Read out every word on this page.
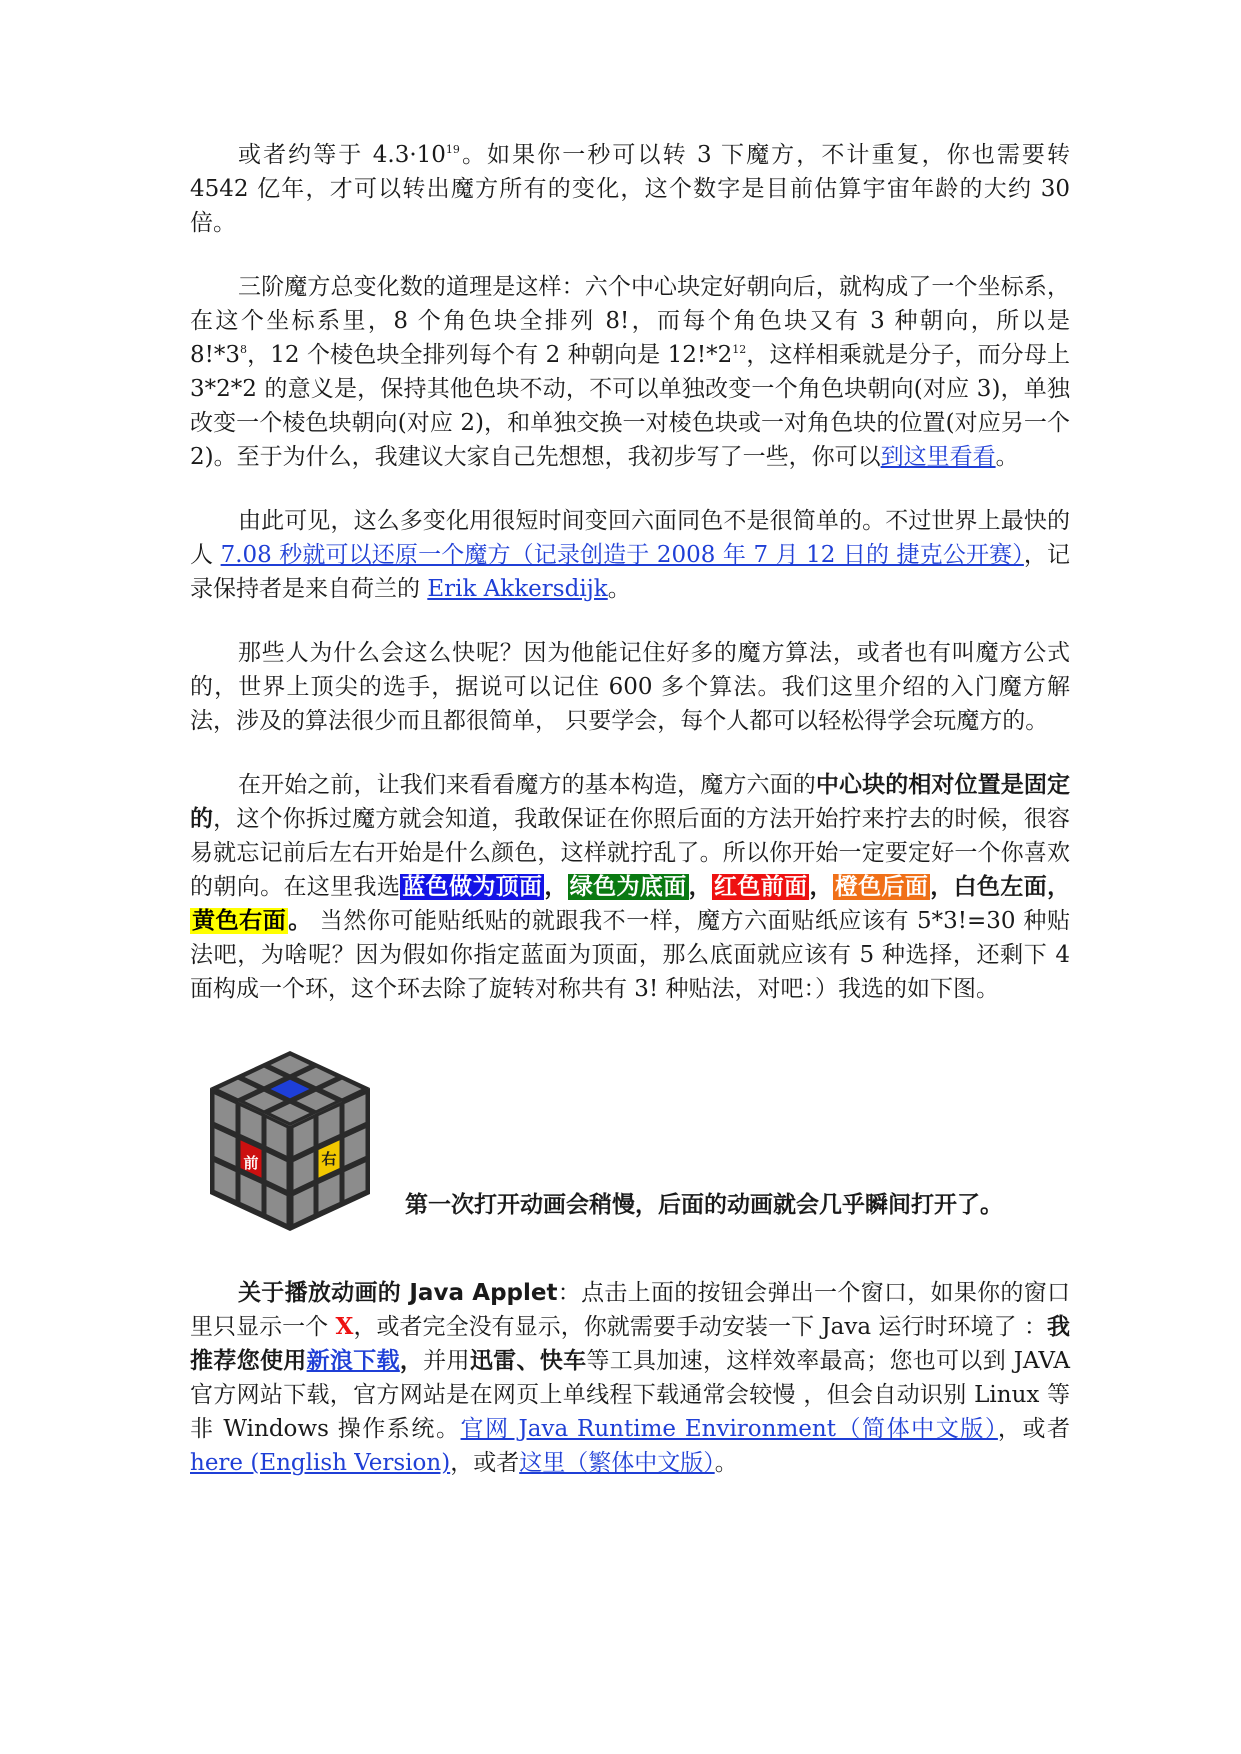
或者约等于 $4.3\cdot 10^{19}$。如果你一秒可以转 3 下魔方，不计重复，你也需要转 4542 亿年，才可以转出魔方所有的变化，这个数字是目前估算宇宙年龄的大约 30 倍。

三阶魔方总变化数的道理是这样：六个中心块定好朝向后，就构成了一个坐标系，在这个坐标系里，8 个角色块全排列 8!，而每个角色块又有 3 种朝向，所以是 $8!*3^8$，12 个棱色块全排列每个有 2 种朝向是 $12!*2^{12}$，这样相乘就是分子，而分母上 3*2*2 的意义是，保持其他色块不动，不可以单独改变一个角色块朝向(对应 3)，单独改变一个棱色块朝向(对应 2)，和单独交换一对棱色块或一对角色块的位置(对应另一个 2)。至于为什么，我建议大家自己先想想，我初步写了一些，你可以到这里看看。

由此可见，这么多变化用很短时间变回六面同色不是很简单的。不过世界上最快的人 7.08 秒就可以还原一个魔方（记录创造于 2008 年 7 月 12 日的 捷克公开赛），记录保持者是来自荷兰的 Erik Akkersdijk。

那些人为什么会这么快呢？因为他能记住好多的魔方算法，或者也有叫魔方公式的，世界上顶尖的选手，据说可以记住 600 多个算法。我们这里介绍的入门魔方解法，涉及的算法很少而且都很简单， 只要学会，每个人都可以轻松得学会玩魔方的。

在开始之前，让我们来看看魔方的基本构造，魔方六面的中心块的相对位置是固定的，这个你拆过魔方就会知道，我敢保证在你照后面的方法开始拧来拧去的时候，很容易就忘记前后左右开始是什么颜色，这样就拧乱了。所以你开始一定要定好一个你喜欢的朝向。在这里我选蓝色做为顶面，绿色为底面，红色前面，橙色后面，白色左面，黄色右面。 当然你可能贴纸贴的就跟我不一样，魔方六面贴纸应该有 5*3!=30 种贴法吧，为啥呢？因为假如你指定蓝面为顶面，那么底面就应该有 5 种选择，还剩下 4 面构成一个环，这个环去除了旋转对称共有 3! 种贴法，对吧：）我选的如下图。

前	右
第一次打开动画会稍慢，后面的动画就会几乎瞬间打开了。

关于播放动画的 Java Applet：点击上面的按钮会弹出一个窗口，如果你的窗口里只显示一个 X，或者完全没有显示，你就需要手动安装一下 Java 运行时环境了 ：我推荐您使用新浪下载，并用迅雷、快车等工具加速，这样效率最高；您也可以到 JAVA 官方网站下载，官方网站是在网页上单线程下载通常会较慢 ，但会自动识别 Linux 等非 Windows 操作系统。官网 Java Runtime Environment（简体中文版），或者 here (English Version)，或者这里（繁体中文版）。
